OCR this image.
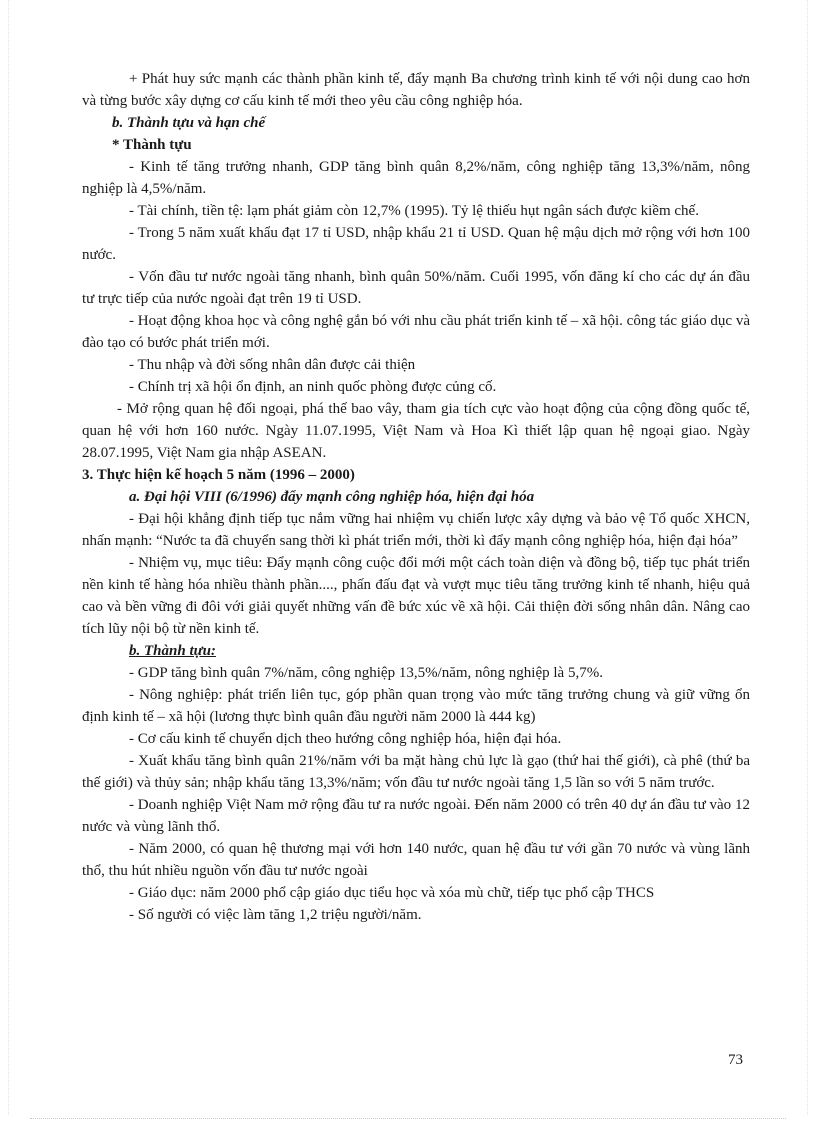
+ Phát huy sức mạnh các thành phần kinh tế, đẩy mạnh Ba chương trình kinh tế với nội dung cao hơn và từng bước xây dựng cơ cấu kinh tế mới theo yêu cầu công nghiệp hóa.

b. Thành tựu và hạn chế

* Thành tựu

- Kinh tế tăng trưởng nhanh, GDP tăng bình quân 8,2%/năm, công nghiệp tăng 13,3%/năm, nông nghiệp là 4,5%/năm.

- Tài chính, tiền tệ: lạm phát giảm còn 12,7% (1995). Tỷ lệ thiếu hụt ngân sách được kiềm chế.

- Trong 5 năm xuất khẩu đạt 17 tỉ USD, nhập khẩu 21 tỉ USD. Quan hệ mậu dịch mở rộng với hơn 100 nước.

- Vốn đầu tư nước ngoài tăng nhanh, bình quân 50%/năm. Cuối 1995, vốn đăng kí cho các dự án đầu tư trực tiếp của nước ngoài đạt trên 19 tỉ USD.

- Hoạt động khoa học và công nghệ gắn bó với nhu cầu phát triển kinh tế – xã hội. công tác giáo dục và đào tạo có bước phát triển mới.

- Thu nhập và đời sống nhân dân được cải thiện

- Chính trị xã hội ổn định, an ninh quốc phòng được củng cố.

- Mở rộng quan hệ đối ngoại, phá thế bao vây, tham gia tích cực vào hoạt động của cộng đồng quốc tế, quan hệ với hơn 160 nước. Ngày 11.07.1995, Việt Nam và Hoa Kì thiết lập quan hệ ngoại giao. Ngày 28.07.1995, Việt Nam gia nhập ASEAN.

3. Thực hiện kế hoạch 5 năm (1996 – 2000)

a. Đại hội VIII (6/1996) đẩy mạnh công nghiệp hóa, hiện đại hóa

- Đại hội khẳng định tiếp tục nắm vững hai nhiệm vụ chiến lược xây dựng và bảo vệ Tổ quốc XHCN, nhấn mạnh: “Nước ta đã chuyển sang thời kì phát triển mới, thời kì đẩy mạnh công nghiệp hóa, hiện đại hóa”

- Nhiệm vụ, mục tiêu: Đẩy mạnh công cuộc đổi mới một cách toàn diện và đồng bộ, tiếp tục phát triển nền kinh tế hàng hóa nhiều thành phần...., phấn đấu đạt và vượt mục tiêu tăng trưởng kinh tế nhanh, hiệu quả cao và bền vững đi đôi với giải quyết những vấn đề bức xúc về xã hội. Cải thiện đời sống nhân dân. Nâng cao tích lũy nội bộ từ nền kinh tế.

b. Thành tựu:

- GDP tăng bình quân 7%/năm, công nghiệp 13,5%/năm, nông nghiệp là 5,7%.

- Nông nghiệp: phát triển liên tục, góp phần quan trọng vào mức tăng trưởng chung và giữ vững ổn định kinh tế – xã hội (lương thực bình quân đầu người năm 2000 là 444 kg)

- Cơ cấu kinh tế chuyển dịch theo hướng công nghiệp hóa, hiện đại hóa.

- Xuất khẩu tăng bình quân 21%/năm với ba mặt hàng chủ lực là gạo (thứ hai thế giới), cà phê (thứ ba thế giới) và thủy sản; nhập khẩu tăng 13,3%/năm; vốn đầu tư nước ngoài tăng 1,5 lần so với 5 năm trước.

- Doanh nghiệp Việt Nam mở rộng đầu tư ra nước ngoài. Đến năm 2000 có trên 40 dự án đầu tư vào 12 nước và vùng lãnh thổ.

- Năm 2000, có quan hệ thương mại với hơn 140 nước, quan hệ đầu tư với gần 70 nước và vùng lãnh thổ, thu hút nhiều nguồn vốn đầu tư nước ngoài

- Giáo dục: năm 2000 phổ cập giáo dục tiểu học và xóa mù chữ, tiếp tục phổ cập THCS

- Số người có việc làm tăng 1,2 triệu người/năm.

73
